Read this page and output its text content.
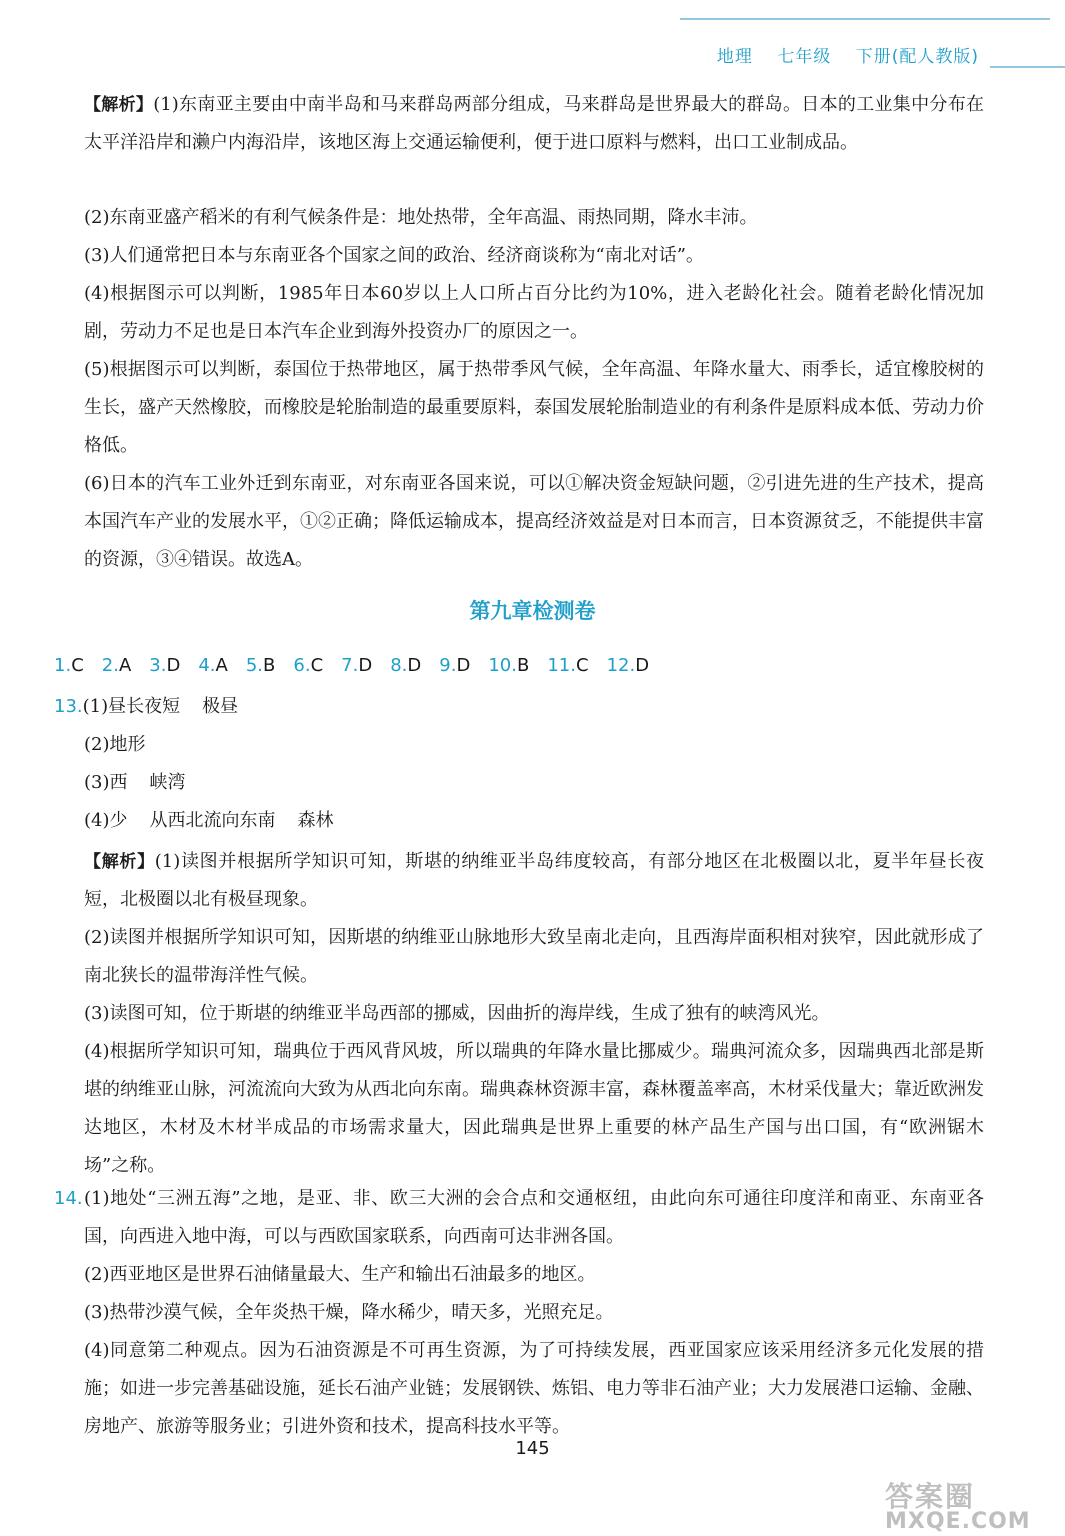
地理 七年级 下册(配人教版)

【解析】(1)东南亚主要由中南半岛和马来群岛两部分组成，马来群岛是世界最大的群岛。日本的工业集中分布在太平洋沿岸和濑户内海沿岸，该地区海上交通运输便利，便于进口原料与燃料，出口工业制成品。

(2)东南亚盛产稻米的有利气候条件是：地处热带，全年高温、雨热同期，降水丰沛。

(3)人们通常把日本与东南亚各个国家之间的政治、经济商谈称为“南北对话”。

(4)根据图示可以判断，1985年日本60岁以上人口所占百分比约为10%，进入老龄化社会。随着老龄化情况加剧，劳动力不足也是日本汽车企业到海外投资办厂的原因之一。

(5)根据图示可以判断，泰国位于热带地区，属于热带季风气候，全年高温、年降水量大、雨季长，适宜橡胶树的生长，盛产天然橡胶，而橡胶是轮胎制造的最重要原料，泰国发展轮胎制造业的有利条件是原料成本低、劳动力价格低。

(6)日本的汽车工业外迁到东南亚，对东南亚各国来说，可以①解决资金短缺问题，②引进先进的生产技术，提高本国汽车产业的发展水平，①②正确；降低运输成本，提高经济效益是对日本而言，日本资源贫乏，不能提供丰富的资源，③④错误。故选A。

第九章检测卷
1.C 2.A 3.D 4.A 5.B 6.C 7.D 8.D 9.D 10.B 11.C 12.D
13.(1)昼长夜短 极昼
(2)地形
(3)西 峡湾
(4)少 从西北流向东南 森林

【解析】(1)读图并根据所学知识可知，斯堪的纳维亚半岛纬度较高，有部分地区在北极圈以北，夏半年昼长夜短，北极圈以北有极昼现象。

(2)读图并根据所学知识可知，因斯堪的纳维亚山脉地形大致呈南北走向，且西海岸面积相对狭窄，因此就形成了南北狭长的温带海洋性气候。

(3)读图可知，位于斯堪的纳维亚半岛西部的挪威，因曲折的海岸线，生成了独有的峡湾风光。

(4)根据所学知识可知，瑞典位于西风背风坡，所以瑞典的年降水量比挪威少。瑞典河流众多，因瑞典西北部是斯堪的纳维亚山脉，河流流向大致为从西北向东南。瑞典森林资源丰富，森林覆盖率高，木材采伐量大；靠近欧洲发达地区，木材及木材半成品的市场需求量大，因此瑞典是世界上重要的林产品生产国与出口国，有“欧洲锯木场”之称。

14. (1)地处“三洲五海”之地，是亚、非、欧三大洲的会合点和交通枢纽，由此向东可通往印度洋和南亚、东南亚各国，向西进入地中海，可以与西欧国家联系，向西南可达非洲各国。

(2)西亚地区是世界石油储量最大、生产和输出石油最多的地区。

(3)热带沙漠气候，全年炎热干燥，降水稀少，晴天多，光照充足。

(4)同意第二种观点。因为石油资源是不可再生资源，为了可持续发展，西亚国家应该采用经济多元化发展的措施；如进一步完善基础设施，延长石油产业链；发展钢铁、炼铝、电力等非石油产业；大力发展港口运输、金融、房地产、旅游等服务业；引进外资和技术，提高科技水平等。

145
答案圈
MXQE.COM
